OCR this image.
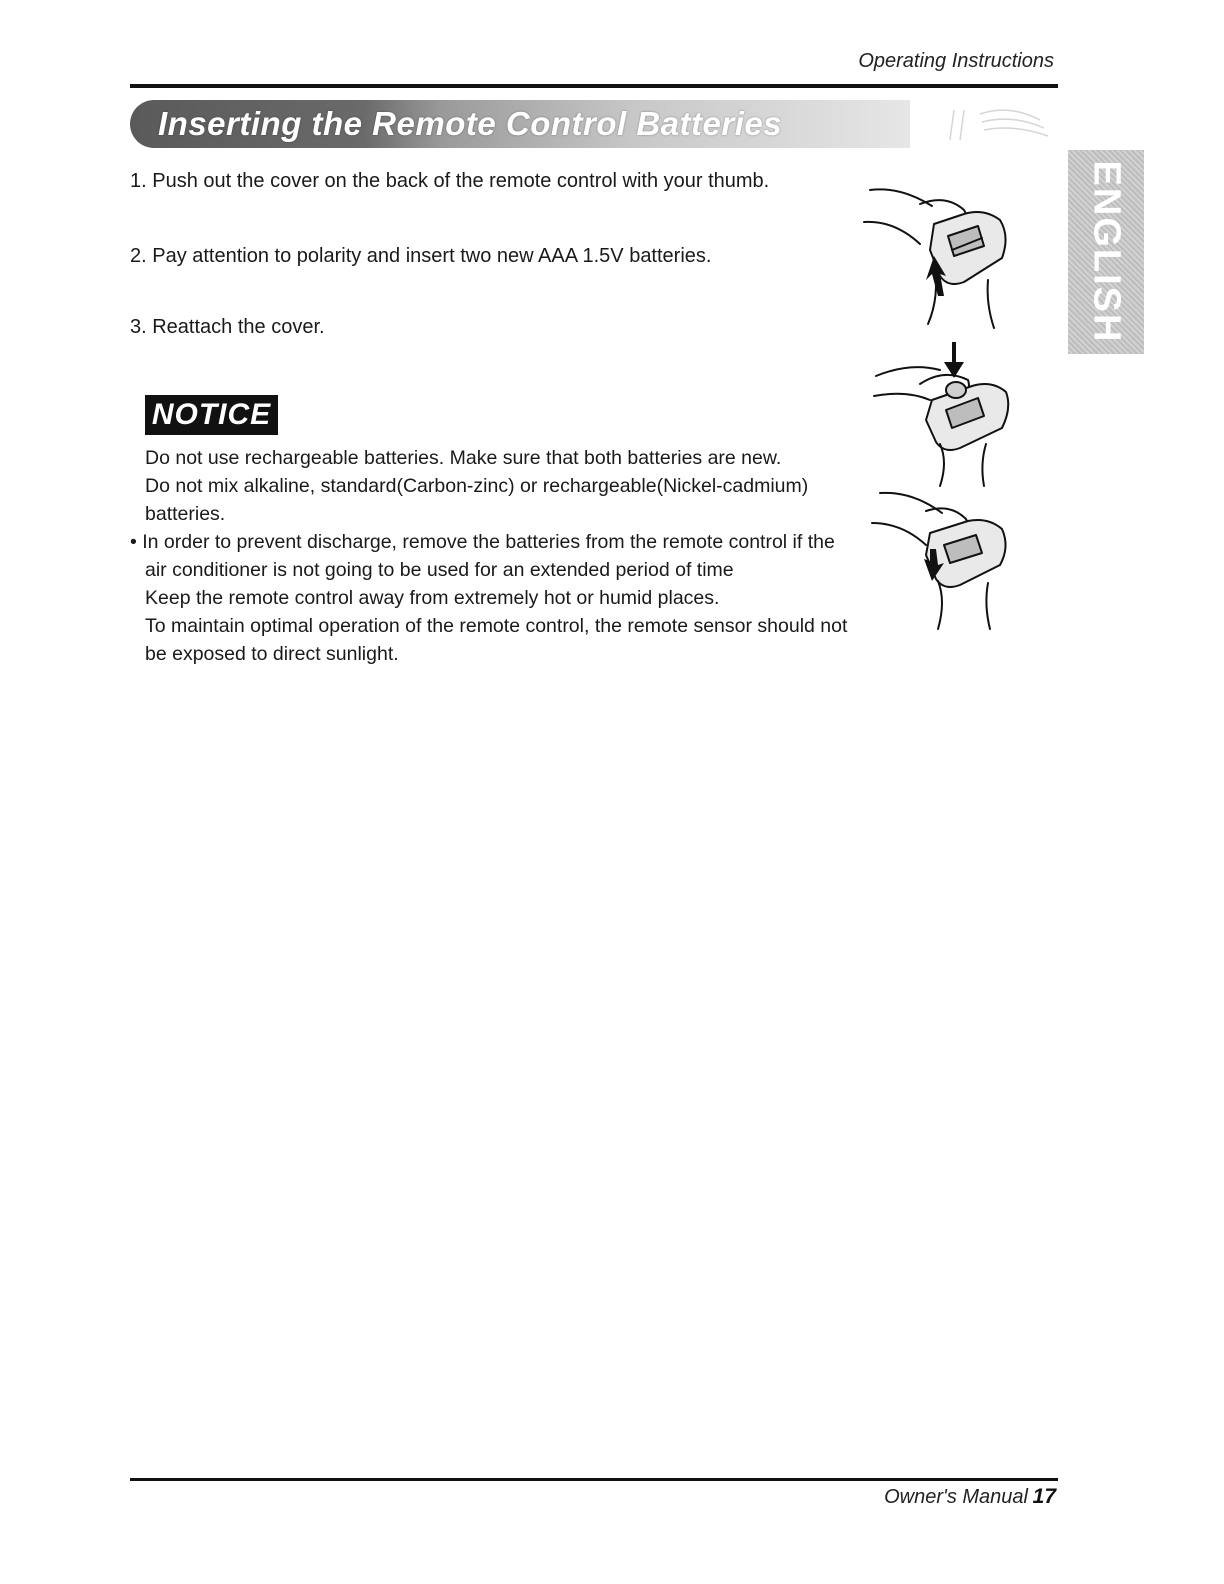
Operating Instructions
Inserting the Remote Control Batteries
ENGLISH
1. Push out the cover on the back of the remote control with your thumb.
2. Pay attention to polarity and insert two new AAA 1.5V batteries.
3. Reattach the cover.
NOTICE

Do not use rechargeable batteries. Make sure that both batteries are new.

Do not mix alkaline, standard(Carbon-zinc) or rechargeable(Nickel-cadmium) batteries.

• In order to prevent discharge, remove the batteries from the remote control if the air conditioner is not going to be used for an extended period of time

Keep the remote control away from extremely hot or humid places.

To maintain optimal operation of the remote control, the remote sensor should not be exposed to direct sunlight.

Owner's Manual 17
